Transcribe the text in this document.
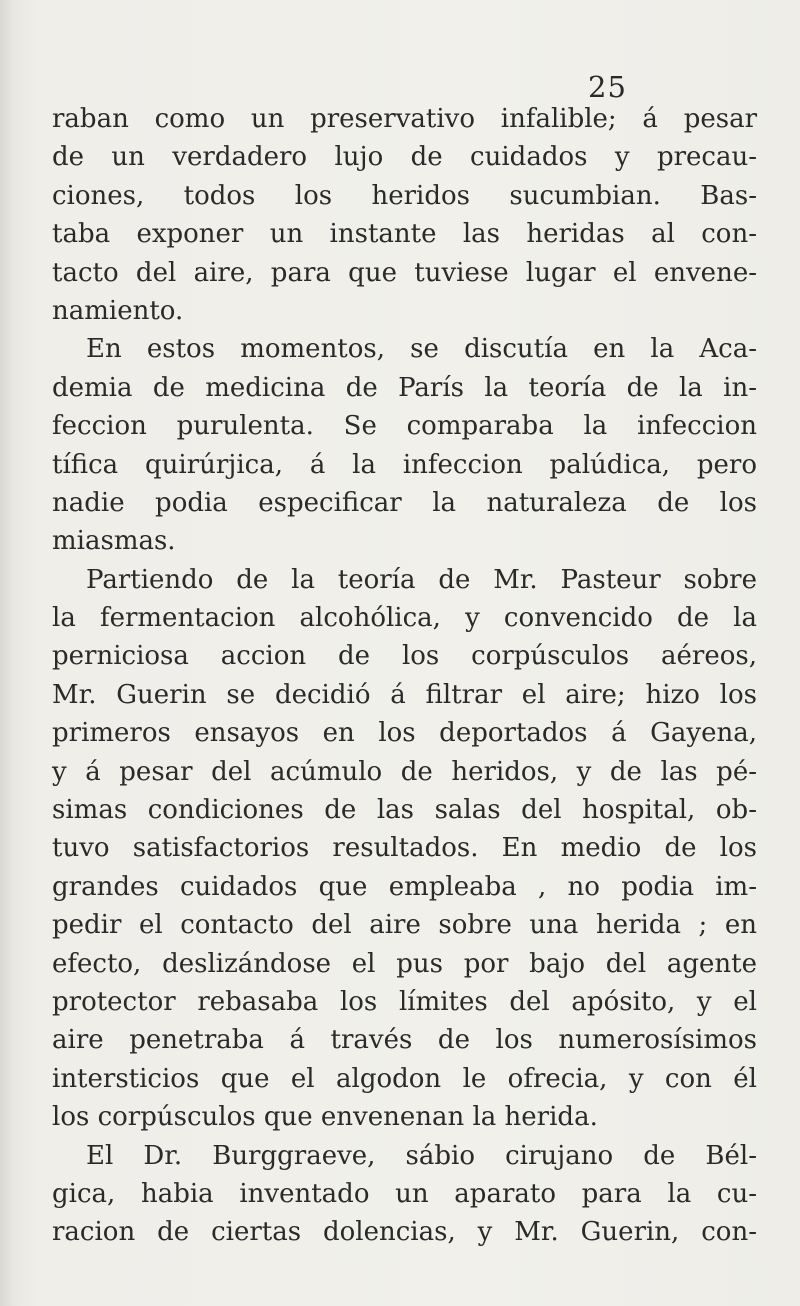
25
raban como un preservativo infalible; á pesar
de un verdadero lujo de cuidados y precau-
ciones, todos los heridos sucumbian. Bas-
taba exponer un instante las heridas al con-
tacto del aire, para que tuviese lugar el envene-
namiento.
En estos momentos, se discutía en la Aca-
demia de medicina de París la teoría de la in-
feccion purulenta. Se comparaba la infeccion
tífica quirúrjica, á la infeccion palúdica, pero
nadie podia especificar la naturaleza de los
miasmas.
Partiendo de la teoría de Mr. Pasteur sobre
la fermentacion alcohólica, y convencido de la
perniciosa accion de los corpúsculos aéreos,
Mr. Guerin se decidió á filtrar el aire; hizo los
primeros ensayos en los deportados á Gayena,
y á pesar del acúmulo de heridos, y de las pé-
simas condiciones de las salas del hospital, ob-
tuvo satisfactorios resultados. En medio de los
grandes cuidados que empleaba , no podia im-
pedir el contacto del aire sobre una herida ; en
efecto, deslizándose el pus por bajo del agente
protector rebasaba los límites del apósito, y el
aire penetraba á través de los numerosísimos
intersticios que el algodon le ofrecia, y con él
los corpúsculos que envenenan la herida.
El Dr. Burggraeve, sábio cirujano de Bél-
gica, habia inventado un aparato para la cu-
racion de ciertas dolencias, y Mr. Guerin, con-
